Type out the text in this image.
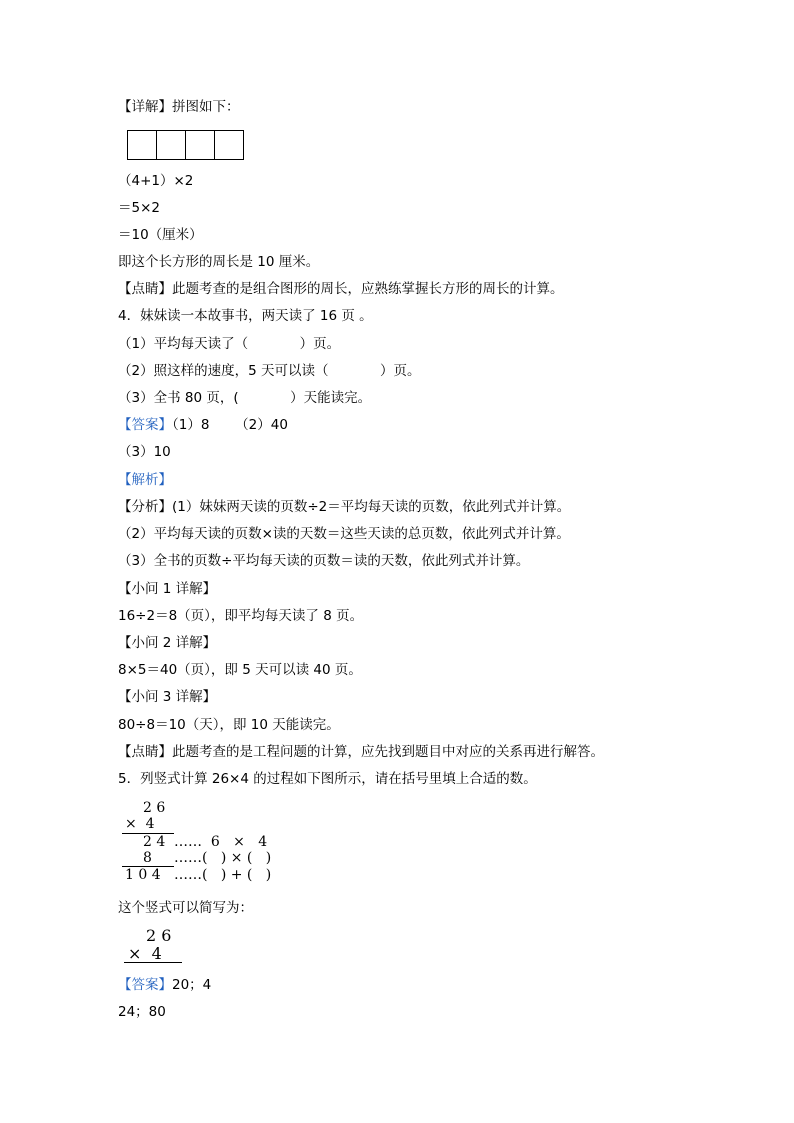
【详解】拼图如下：
（4+1）×2
＝5×2
＝10（厘米）
即这个长方形的周长是 10 厘米。
【点睛】此题考查的是组合图形的周长，应熟练掌握长方形的周长的计算。
4．妹妹读一本故事书，两天读了 16 页 。
（1）平均每天读了（            ）页。
（2）照这样的速度，5 天可以读（            ）页。
（3）全书 80 页，(            ）天能读完。
【答案】（1）8      （2）40
（3）10
【解析】
【分析】(1）妹妹两天读的页数÷2＝平均每天读的页数，依此列式并计算。
（2）平均每天读的页数×读的天数＝这些天读的总页数，依此列式并计算。
（3）全书的页数÷平均每天读的页数＝读的天数，依此列式并计算。
【小问 1 详解】
16÷2＝8（页），即平均每天读了 8 页。
【小问 2 详解】
8×5＝40（页），即 5 天可以读 40 页。
【小问 3 详解】
80÷8＝10（天），即 10 天能读完。
【点睛】此题考查的是工程问题的计算，应先找到题目中对应的关系再进行解答。
5．列竖式计算 26×4 的过程如下图所示，请在括号里填上合适的数。
2 6
×  4
2 4 ……  6   ×   4
8 ……(   ) × (   )
1 0 4 ……(   ) + (   )
这个竖式可以简写为：
2 6
×  4
【答案】20；4
24；80
